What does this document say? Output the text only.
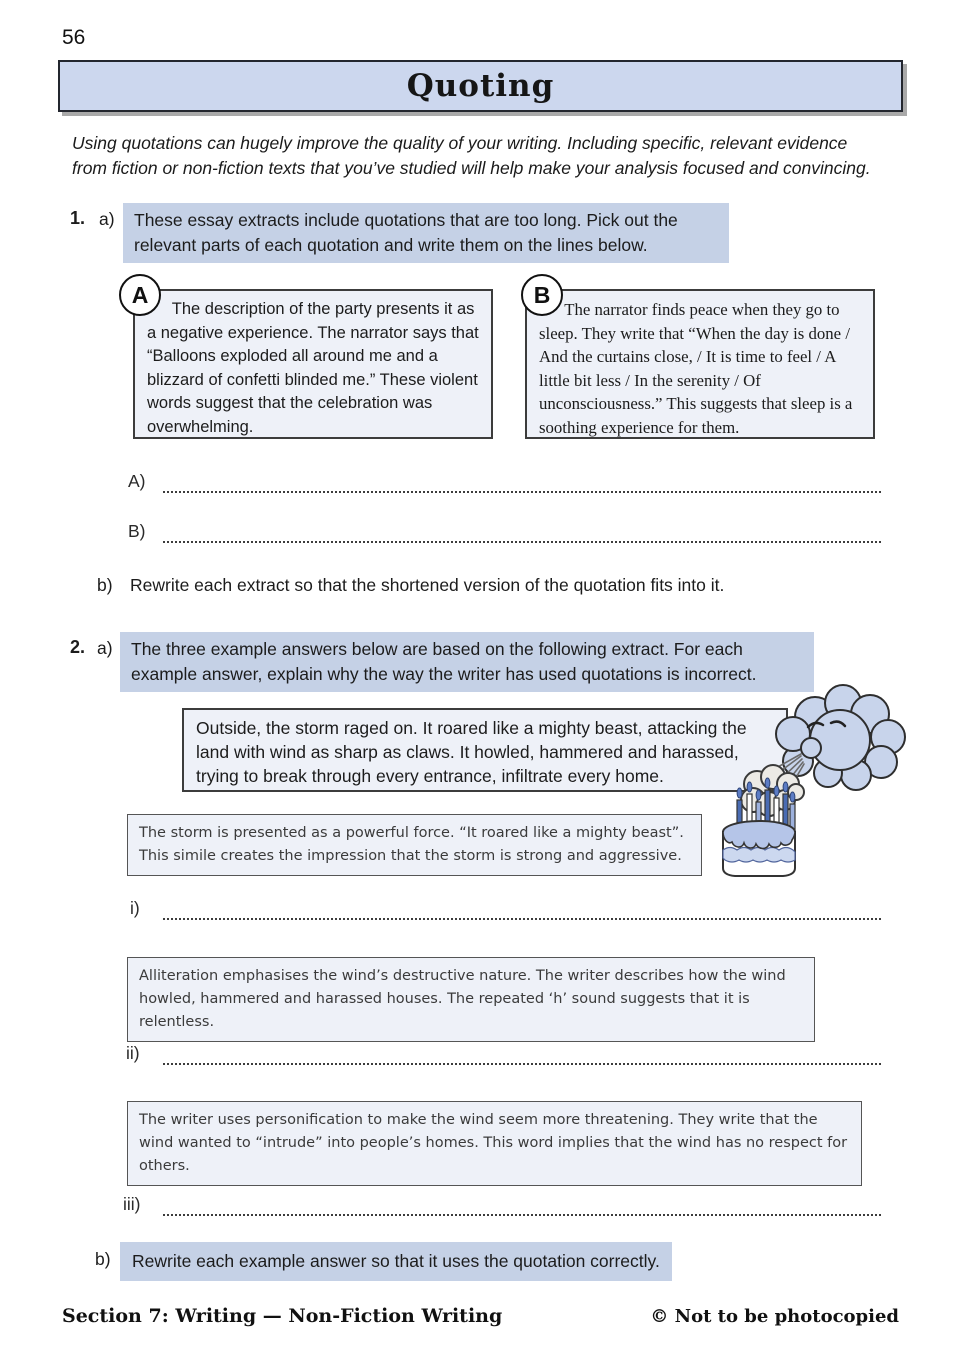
56
Quoting
Using quotations can hugely improve the quality of your writing. Including specific, relevant evidence from fiction or non-fiction texts that you’ve studied will help make your analysis focused and convincing.
1. a)	These essay extracts include quotations that are too long. Pick out the relevant parts of each quotation and write them on the lines below.
The description of the party presents it as a negative experience. The narrator says that “Balloons exploded all around me and a blizzard of confetti blinded me.” These violent words suggest that the celebration was overwhelming.
A
The narrator finds peace when they go to sleep. They write that “When the day is done / And the curtains close, / It is time to feel / A little bit less / In the serenity / Of unconsciousness.” This suggests that sleep is a soothing experience for them.
B
A)
B)
b) Rewrite each extract so that the shortened version of the quotation fits into it.
2. a)	The three example answers below are based on the following extract. For each example answer, explain why the way the writer has used quotations is incorrect.
Outside, the storm raged on. It roared like a mighty beast, attacking the land with wind as sharp as claws. It howled, hammered and harassed, trying to break through every entrance, infiltrate every home.
The storm is presented as a powerful force. “It roared like a mighty beast”. This simile creates the impression that the storm is strong and aggressive.
i)
Alliteration emphasises the wind’s destructive nature. The writer describes how the wind howled, hammered and harassed houses. The repeated ‘h’ sound suggests that it is relentless.
ii)
The writer uses personification to make the wind seem more threatening. They write that the wind wanted to “intrude” into people’s homes. This word implies that the wind has no respect for others.
iii)
b)	Rewrite each example answer so that it uses the quotation correctly.
Section 7: Writing — Non-Fiction Writing	© Not to be photocopied
